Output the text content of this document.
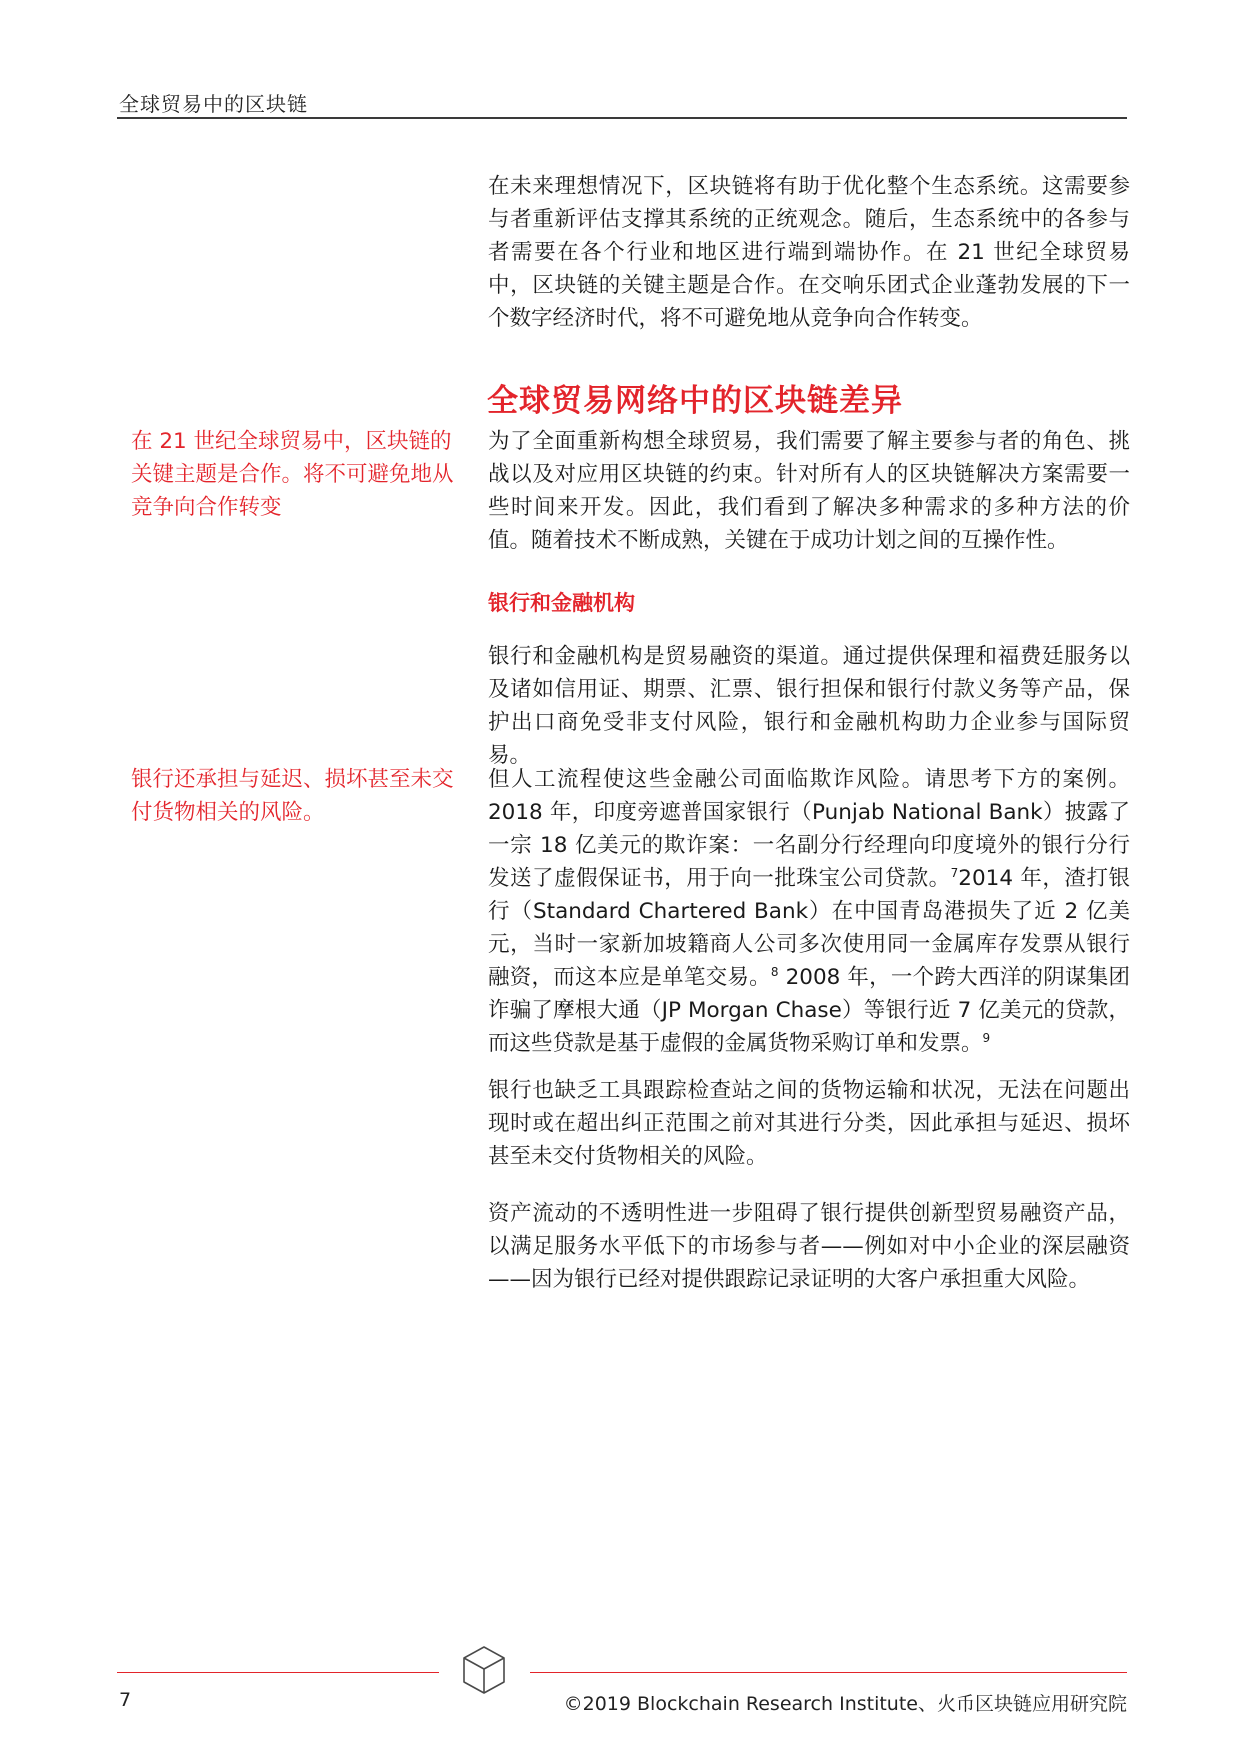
全球贸易中的区块链

在未来理想情况下，区块链将有助于优化整个生态系统。这需要参与者重新评估支撑其系统的正统观念。随后，生态系统中的各参与者需要在各个行业和地区进行端到端协作。在 21 世纪全球贸易中，区块链的关键主题是合作。在交响乐团式企业蓬勃发展的下一个数字经济时代，将不可避免地从竞争向合作转变。

全球贸易网络中的区块链差异
在 21 世纪全球贸易中，区块链的关键主题是合作。将不可避免地从竞争向合作转变

为了全面重新构想全球贸易，我们需要了解主要参与者的角色、挑战以及对应用区块链的约束。针对所有人的区块链解决方案需要一些时间来开发。因此，我们看到了解决多种需求的多种方法的价值。随着技术不断成熟，关键在于成功计划之间的互操作性。

银行和金融机构

银行和金融机构是贸易融资的渠道。通过提供保理和福费廷服务以及诸如信用证、期票、汇票、银行担保和银行付款义务等产品，保护出口商免受非支付风险，银行和金融机构助力企业参与国际贸易。

银行还承担与延迟、损坏甚至未交付货物相关的风险。

但人工流程使这些金融公司面临欺诈风险。请思考下方的案例。2018 年，印度旁遮普国家银行（Punjab National Bank）披露了一宗 18 亿美元的欺诈案：一名副分行经理向印度境外的银行分行发送了虚假保证书，用于向一批珠宝公司贷款。$^7$2014 年，渣打银行（Standard Chartered Bank）在中国青岛港损失了近 2 亿美元，当时一家新加坡籍商人公司多次使用同一金属库存发票从银行融资，而这本应是单笔交易。$^8$ 2008 年，一个跨大西洋的阴谋集团诈骗了摩根大通（JP Morgan Chase）等银行近 7 亿美元的贷款，而这些贷款是基于虚假的金属货物采购订单和发票。$^9$

银行也缺乏工具跟踪检查站之间的货物运输和状况，无法在问题出现时或在超出纠正范围之前对其进行分类，因此承担与延迟、损坏甚至未交付货物相关的风险。

资产流动的不透明性进一步阻碍了银行提供创新型贸易融资产品，以满足服务水平低下的市场参与者——例如对中小企业的深层融资——因为银行已经对提供跟踪记录证明的大客户承担重大风险。

7	©2019 Blockchain Research Institute、火币区块链应用研究院
